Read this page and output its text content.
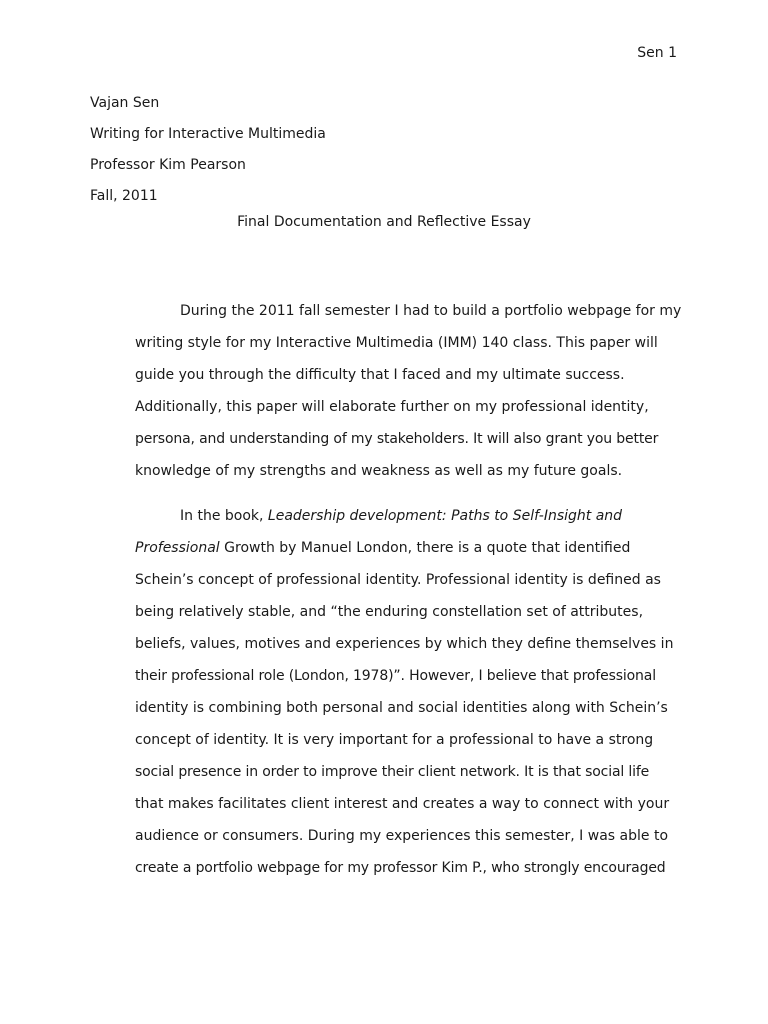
Sen 1
Vajan Sen
Writing for Interactive Multimedia
Professor Kim Pearson
Fall, 2011
Final Documentation and Reflective Essay
During the 2011 fall semester I had to build a portfolio webpage for my
writing style for my Interactive Multimedia (IMM) 140 class. This paper will
guide you through the difficulty that I faced and my ultimate success.
Additionally, this paper will elaborate further on my professional identity,
persona, and understanding of my stakeholders. It will also grant you better
knowledge of my strengths and weakness as well as my future goals.
In the book, Leadership development: Paths to Self-Insight and
Professional Growth by Manuel London, there is a quote that identified
Schein’s concept of professional identity. Professional identity is defined as
being relatively stable, and “the enduring constellation set of attributes,
beliefs, values, motives and experiences by which they define themselves in
their professional role (London, 1978)”. However, I believe that professional
identity is combining both personal and social identities along with Schein’s
concept of identity. It is very important for a professional to have a strong
social presence in order to improve their client network. It is that social life
that makes facilitates client interest and creates a way to connect with your
audience or consumers. During my experiences this semester, I was able to
create a portfolio webpage for my professor Kim P., who strongly encouraged
